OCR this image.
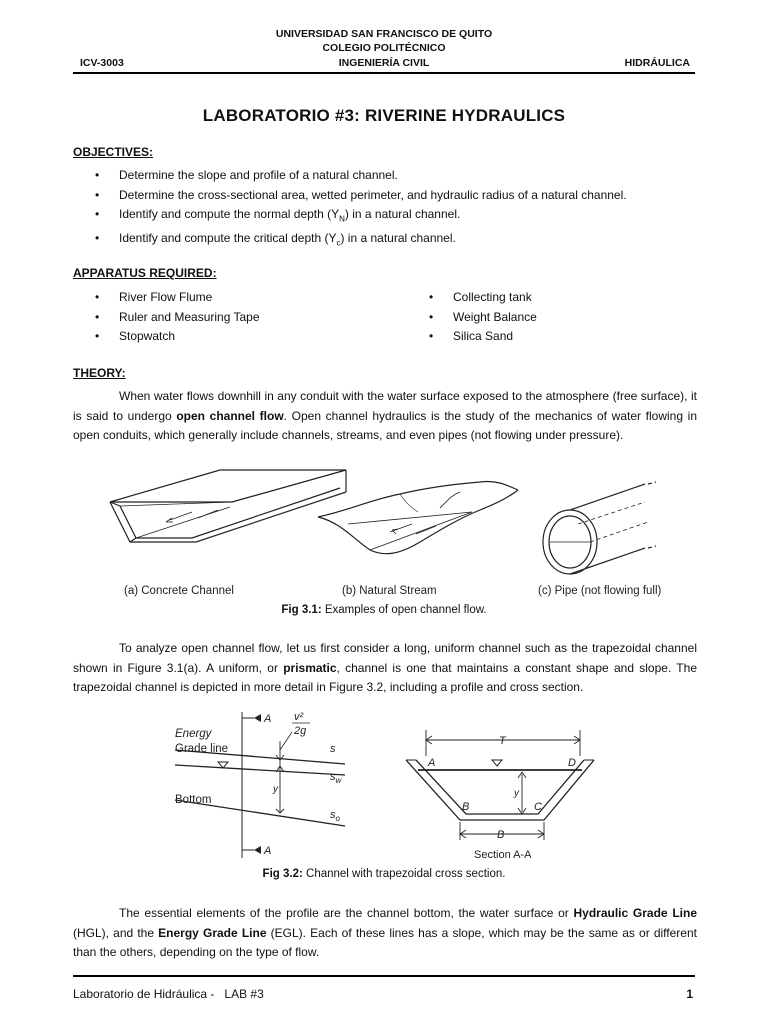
UNIVERSIDAD SAN FRANCISCO DE QUITO
COLEGIO POLITÉCNICO
INGENIERÍA CIVIL
ICV-3003	HIDRÁULICA
LABORATORIO #3: RIVERINE HYDRAULICS
OBJECTIVES:
• Determine the slope and profile of a natural channel.
• Determine the cross-sectional area, wetted perimeter, and hydraulic radius of a natural channel.
• Identify and compute the normal depth $(Y_N)$ in a natural channel.
• Identify and compute the critical depth $(Y_c)$ in a natural channel.
APPARATUS REQUIRED:
• River Flow Flume
• Ruler and Measuring Tape
• Stopwatch
• Collecting tank
• Weight Balance
• Silica Sand
THEORY:
When water flows downhill in any conduit with the water surface exposed to the atmosphere (free surface), it is said to undergo open channel flow. Open channel hydraulics is the study of the mechanics of water flowing in open conduits, which generally include channels, streams, and even pipes (not flowing under pressure).
(a) Concrete Channel	(b) Natural Stream	(c) Pipe (not flowing full)
Fig 3.1: Examples of open channel flow.
To analyze open channel flow, let us first consider a long, uniform channel such as the trapezoidal channel shown in Figure 3.1(a). A uniform, or prismatic, channel is one that maintains a constant shape and slope. The trapezoidal channel is depicted in more detail in Figure 3.2, including a profile and cross section.
Energy
Grade line
Bottom
A
A
v²
2g
s
$s_w$
$s_o$
y
T
A	D
B	C
y
B
Section A-A
Fig 3.2: Channel with trapezoidal cross section.
The essential elements of the profile are the channel bottom, the water surface or Hydraulic Grade Line (HGL), and the Energy Grade Line (EGL). Each of these lines has a slope, which may be the same as or different than the others, depending on the type of flow.
Laboratorio de Hidráulica -   LAB #3	1
